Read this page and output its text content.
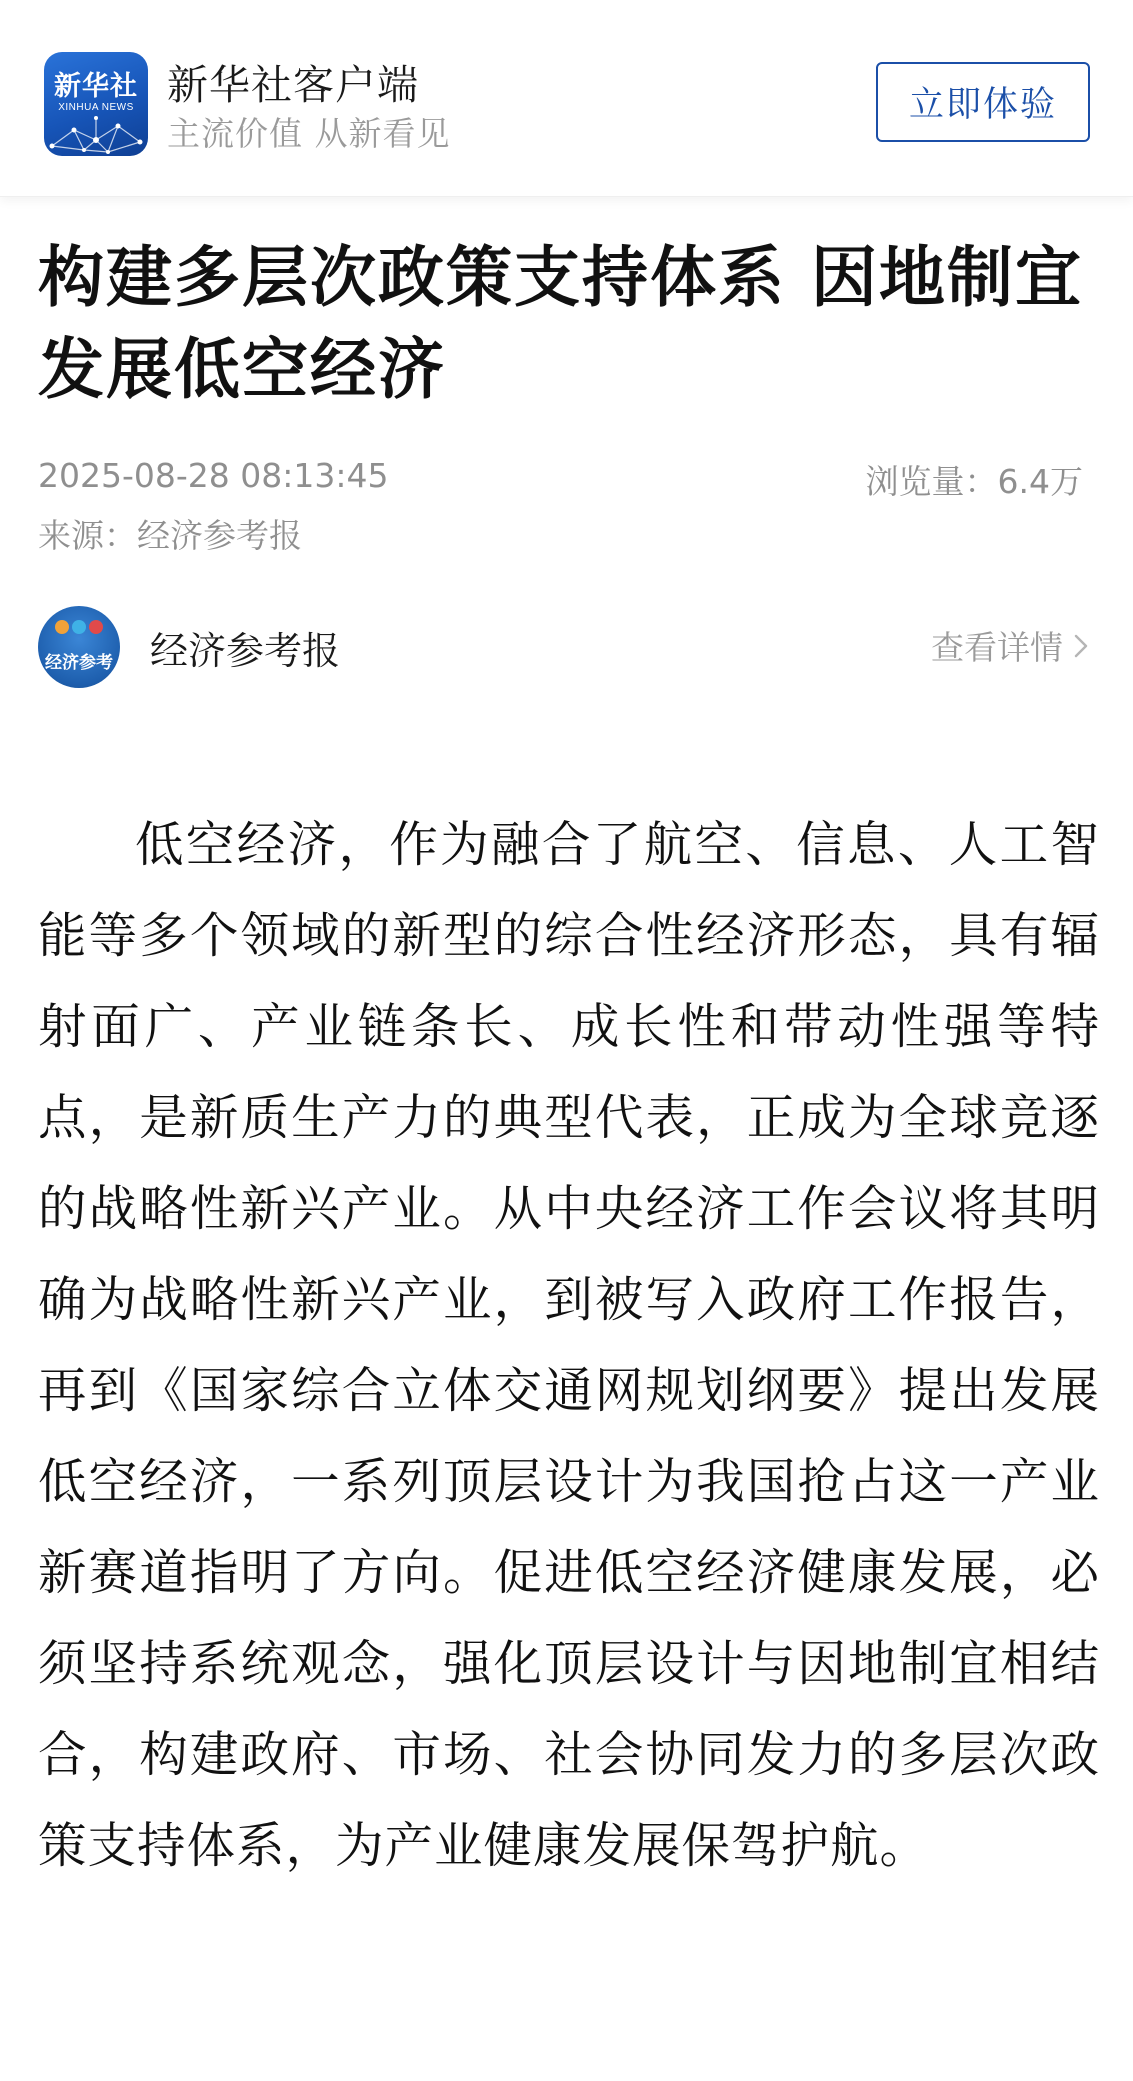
新华社
XINHUA NEWS 新华社客户端
主流价值 从新看见
立即体验
构建多层次政策支持体系 因地制宜发展低空经济
2025-08-28 08:13:45	浏览量：6.4万
来源：经济参考报
经济参考 经济参考报	查看详情

低空经济，作为融合了航空、信息、人工智能等多个领域的新型的综合性经济形态，具有辐射面广、产业链条长、成长性和带动性强等特点，是新质生产力的典型代表，正成为全球竞逐的战略性新兴产业。从中央经济工作会议将其明确为战略性新兴产业，到被写入政府工作报告，再到《国家综合立体交通网规划纲要》提出发展低空经济，一系列顶层设计为我国抢占这一产业新赛道指明了方向。促进低空经济健康发展，必须坚持系统观念，强化顶层设计与因地制宜相结合，构建政府、市场、社会协同发力的多层次政策支持体系，为产业健康发展保驾护航。
